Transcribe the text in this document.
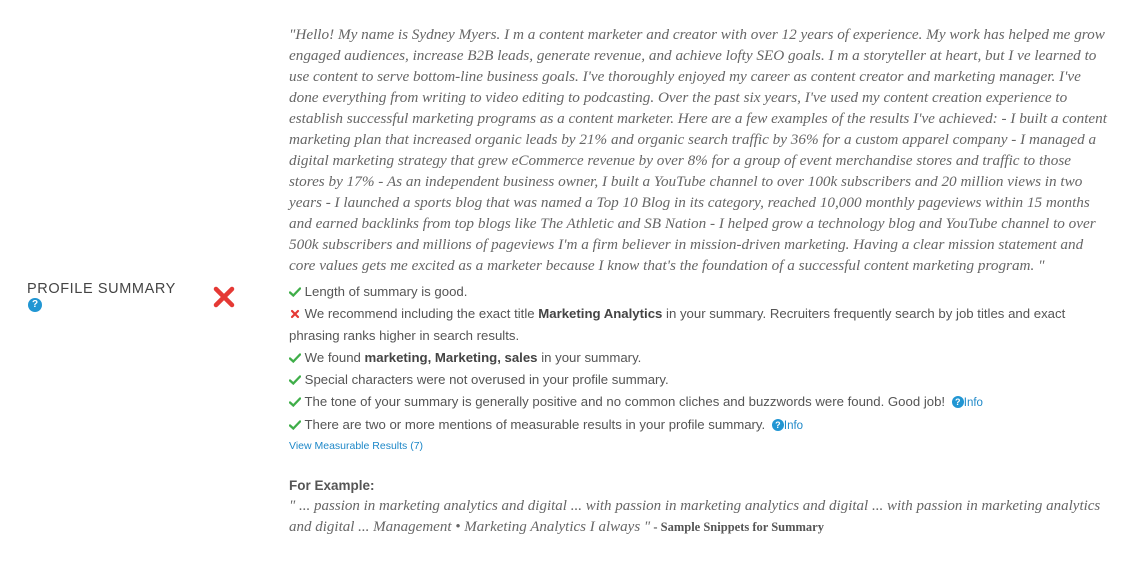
PROFILE SUMMARY
?

"Hello! My name is Sydney Myers. I m a content marketer and creator with over 12 years of experience. My work has helped me grow engaged audiences, increase B2B leads, generate revenue, and achieve lofty SEO goals. I m a storyteller at heart, but I ve learned to use content to serve bottom-line business goals. I've thoroughly enjoyed my career as content creator and marketing manager. I've done everything from writing to video editing to podcasting. Over the past six years, I've used my content creation experience to establish successful marketing programs as a content marketer. Here are a few examples of the results I've achieved: - I built a content marketing plan that increased organic leads by 21% and organic search traffic by 36% for a custom apparel company - I managed a digital marketing strategy that grew eCommerce revenue by over 8% for a group of event merchandise stores and traffic to those stores by 17% - As an independent business owner, I built a YouTube channel to over 100k subscribers and 20 million views in two years - I launched a sports blog that was named a Top 10 Blog in its category, reached 10,000 monthly pageviews within 15 months and earned backlinks from top blogs like The Athletic and SB Nation - I helped grow a technology blog and YouTube channel to over 500k subscribers and millions of pageviews I'm a firm believer in mission-driven marketing. Having a clear mission statement and core values gets me excited as a marketer because I know that's the foundation of a successful content marketing program. "

Length of summary is good.
We recommend including the exact title Marketing Analytics in your summary. Recruiters frequently search by job titles and exact phrasing ranks higher in search results.
We found marketing, Marketing, sales in your summary.
Special characters were not overused in your profile summary.
The tone of your summary is generally positive and no common cliches and buzzwords were found. Good job! ? Info
There are two or more mentions of measurable results in your profile summary. ? Info
View Measurable Results (7)
For Example:
" ... passion in marketing analytics and digital ... with passion in marketing analytics and digital ... with passion in marketing analytics and digital ... Management • Marketing Analytics I always " - Sample Snippets for Summary
